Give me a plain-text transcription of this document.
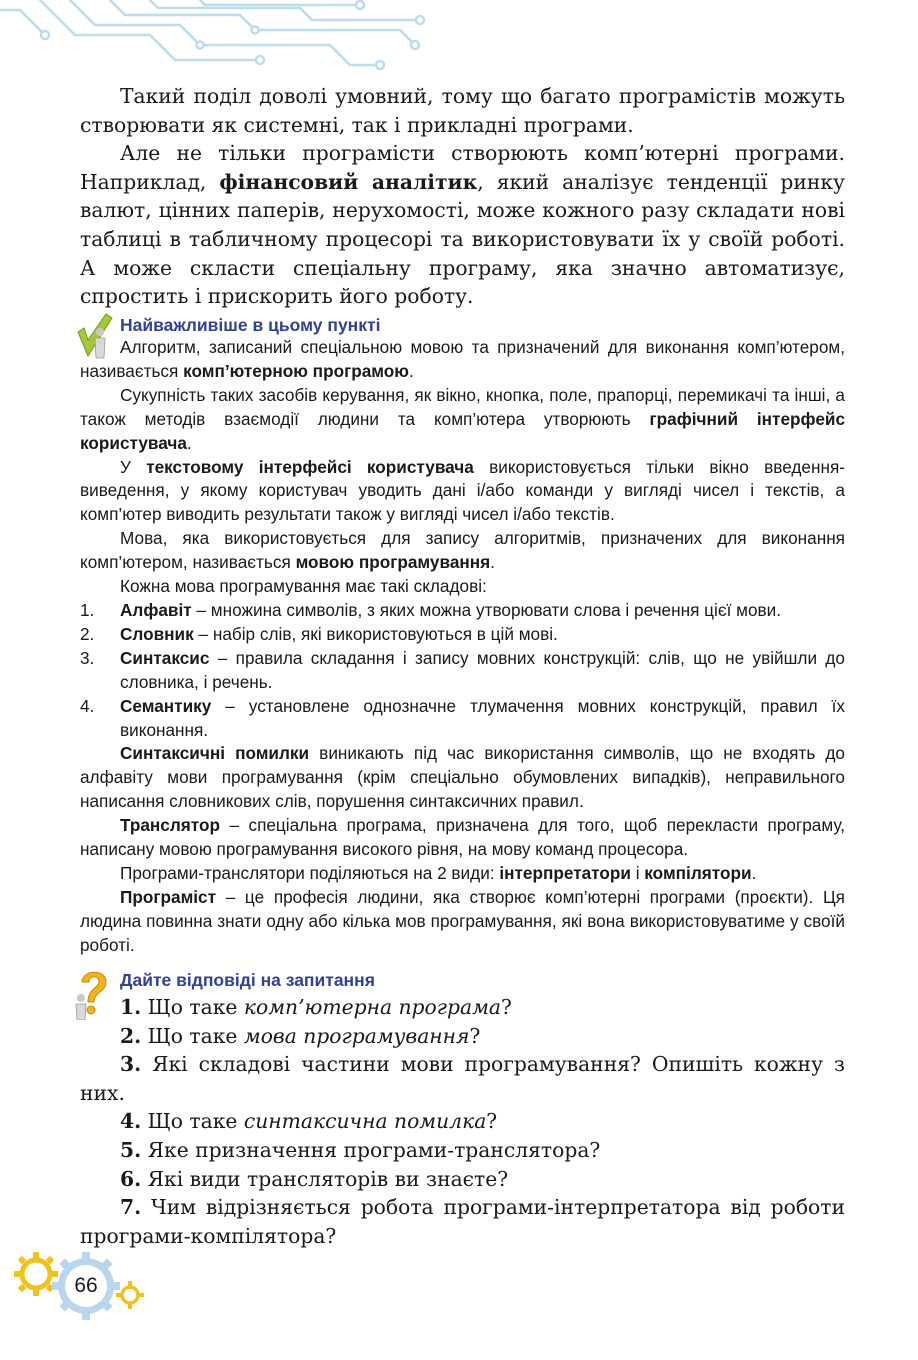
Такий поділ доволі умовний, тому що багато програмістів можуть створювати як системні, так і прикладні програми.

Але не тільки програмісти створюють комп’ютерні програми. Наприклад, фінансовий аналітик, який аналізує тенденції ринку валют, цінних паперів, нерухомості, може кожного разу складати нові таблиці в табличному процесорі та використовувати їх у своїй роботі. А може скласти спеціальну програму, яка значно автоматизує, спростить і прискорить його роботу.

Найважливіше в цьому пункті

Алгоритм, записаний спеціальною мовою та призначений для виконання комп’ютером, називається комп’ютерною програмою.

Сукупність таких засобів керування, як вікно, кнопка, поле, прапорці, перемикачі та інші, а також методів взаємодії людини та комп’ютера утворюють графічний інтерфейс користувача.

У текстовому інтерфейсі користувача використовується тільки вікно введення-виведення, у якому користувач уводить дані і/або команди у вигляді чисел і текстів, а комп’ютер виводить результати також у вигляді чисел і/або текстів.

Мова, яка використовується для запису алгоритмів, призначених для виконання комп’ютером, називається мовою програмування.

Кожна мова програмування має такі складові:

1.	Алфавіт – множина символів, з яких можна утворювати слова і речення цієї мови.
2.	Словник – набір слів, які використовуються в цій мові.
3.	Синтаксис – правила складання і запису мовних конструкцій: слів, що не увійшли до словника, і речень.
4.	Семантику – установлене однозначне тлумачення мовних конструкцій, правил їх виконання.

Синтаксичні помилки виникають під час використання символів, що не входять до алфавіту мови програмування (крім спеціально обумовлених випадків), неправильного написання словникових слів, порушення синтаксичних правил.

Транслятор – спеціальна програма, призначена для того, щоб перекласти програму, написану мовою програмування високого рівня, на мову команд процесора.

Програми-транслятори поділяються на 2 види: інтерпретатори і компілятори.

Програміст – це професія людини, яка створює комп’ютерні програми (проєкти). Ця людина повинна знати одну або кілька мов програмування, які вона використовуватиме у своїй роботі.

Дайте відповіді на запитання

1. Що таке комп’ютерна програма?

2. Що таке мова програмування?

3. Які складові частини мови програмування? Опишіть кожну з них.

4. Що таке синтаксична помилка?

5. Яке призначення програми-транслятора?

6. Які види трансляторів ви знаєте?

7. Чим відрізняється робота програми-інтерпретатора від роботи програми-компілятора?

66
